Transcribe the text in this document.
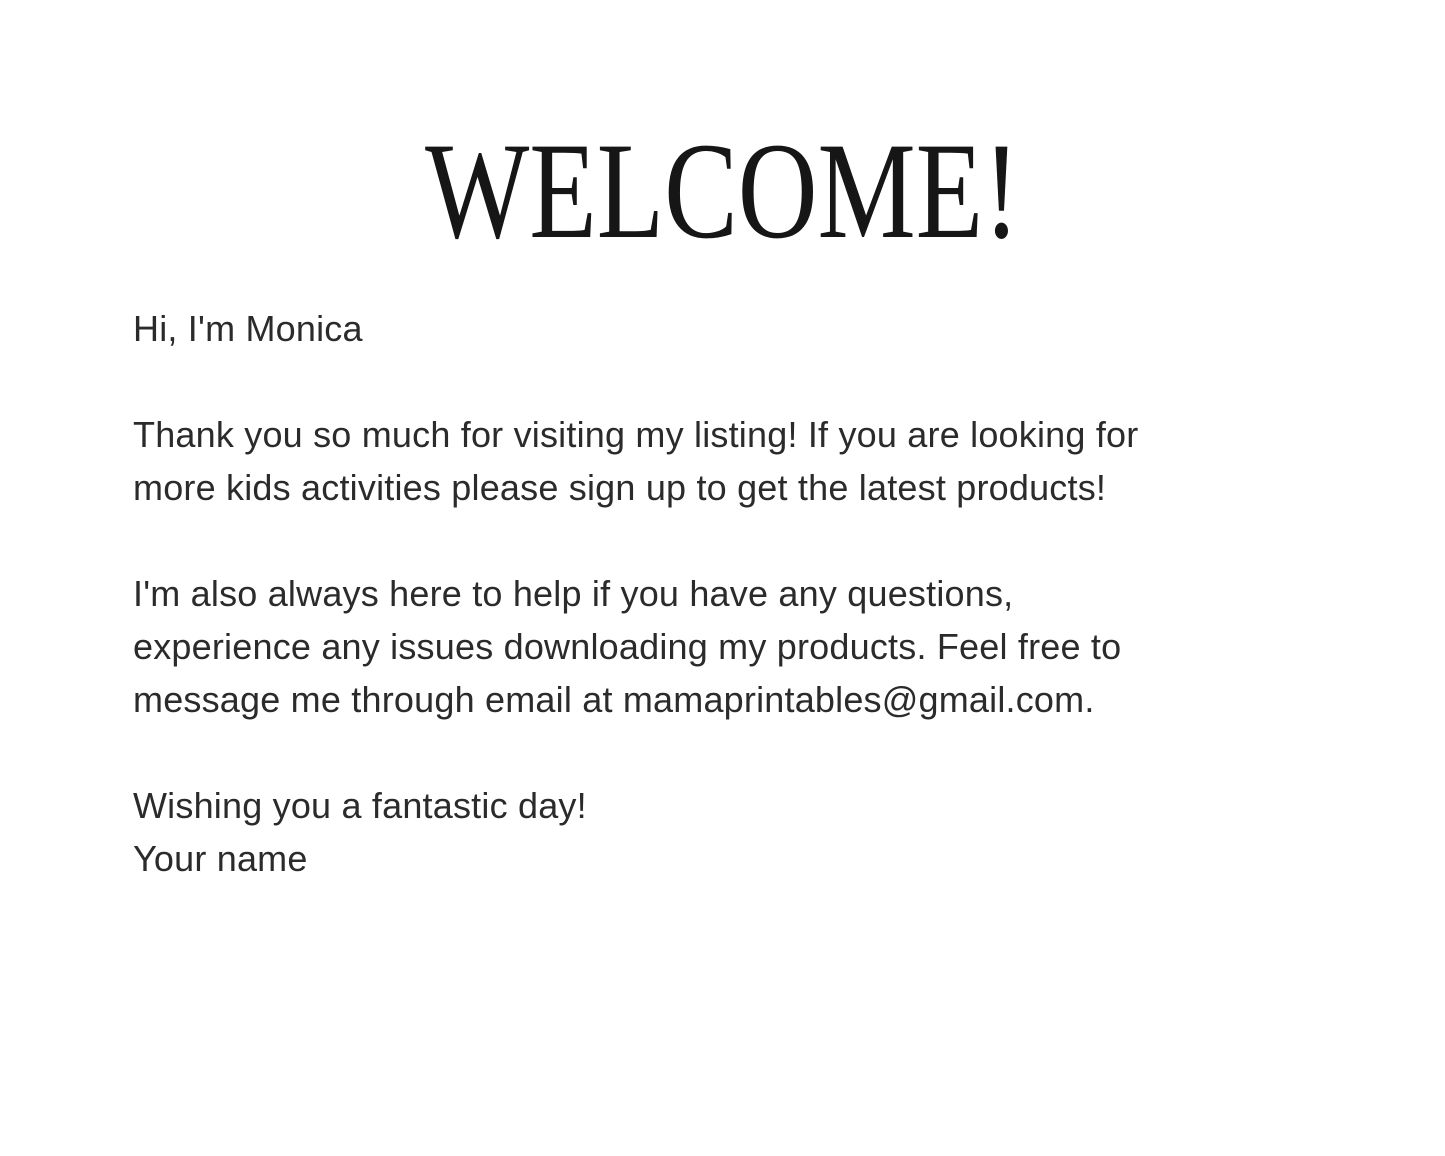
WELCOME!
Hi, I'm Monica
Thank you so much for visiting my listing! If you are looking for
more kids activities please sign up to get the latest products!
I'm also always here to help if you have any questions,
experience any issues downloading my products. Feel free to
message me through email at mamaprintables@gmail.com.
Wishing you a fantastic day!
Your name
